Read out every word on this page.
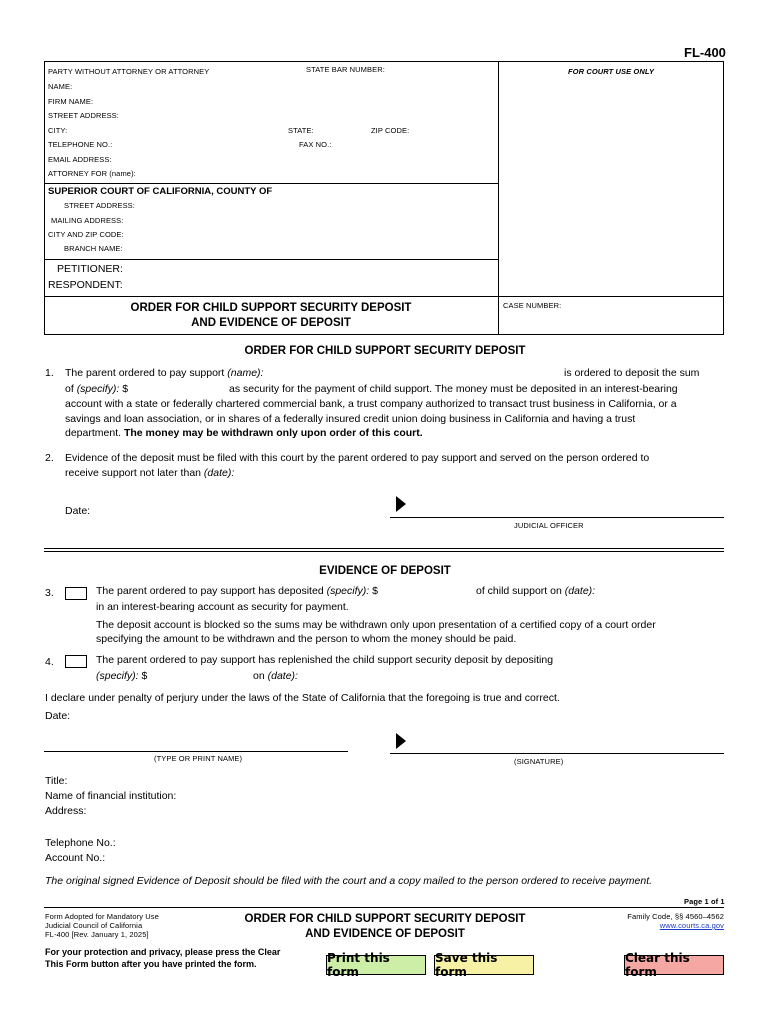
FL-400
PARTY WITHOUT ATTORNEY OR ATTORNEY	STATE BAR NUMBER:	FOR COURT USE ONLY
NAME:
FIRM NAME:
STREET ADDRESS:
CITY:	STATE:	ZIP CODE:
TELEPHONE NO.:	FAX NO.:
EMAIL ADDRESS:
ATTORNEY FOR (name):
SUPERIOR COURT OF CALIFORNIA, COUNTY OF
STREET ADDRESS:
MAILING ADDRESS:
CITY AND ZIP CODE:
BRANCH NAME:
PETITIONER:
RESPONDENT:
ORDER FOR CHILD SUPPORT SECURITY DEPOSIT
AND EVIDENCE OF DEPOSIT
CASE NUMBER:
ORDER FOR CHILD SUPPORT SECURITY DEPOSIT
1. The parent ordered to pay support (name):	is ordered to deposit the sum
of (specify): $	as security for the payment of child support. The money must be deposited in an interest-bearing
account with a state or federally chartered commercial bank, a trust company authorized to transact trust business in California, or a
savings and loan association, or in shares of a federally insured credit union doing business in California and having a trust
department. The money may be withdrawn only upon order of this court.
2. Evidence of the deposit must be filed with this court by the parent ordered to pay support and served on the person ordered to
receive support not later than (date):
Date:
JUDICIAL OFFICER
EVIDENCE OF DEPOSIT
3.	The parent ordered to pay support has deposited (specify): $	of child support on (date):
in an interest-bearing account as security for payment.
The deposit account is blocked so the sums may be withdrawn only upon presentation of a certified copy of a court order
specifying the amount to be withdrawn and the person to whom the money should be paid.
4.	The parent ordered to pay support has replenished the child support security deposit by depositing
(specify): $	on (date):
I declare under penalty of perjury under the laws of the State of California that the foregoing is true and correct.
Date:
(TYPE OR PRINT NAME)	(SIGNATURE)
Title:
Name of financial institution:
Address:
Telephone No.:
Account No.:
The original signed Evidence of Deposit should be filed with the court and a copy mailed to the person ordered to receive payment.
Page 1 of 1
Form Adopted for Mandatory Use
Judicial Council of California
FL-400 [Rev. January 1, 2025]
ORDER FOR CHILD SUPPORT SECURITY DEPOSIT
AND EVIDENCE OF DEPOSIT
Family Code, §§ 4560–4562
www.courts.ca.gov
For your protection and privacy, please press the Clear
This Form button after you have printed the form.	Print this form
Save this form
Clear this form
